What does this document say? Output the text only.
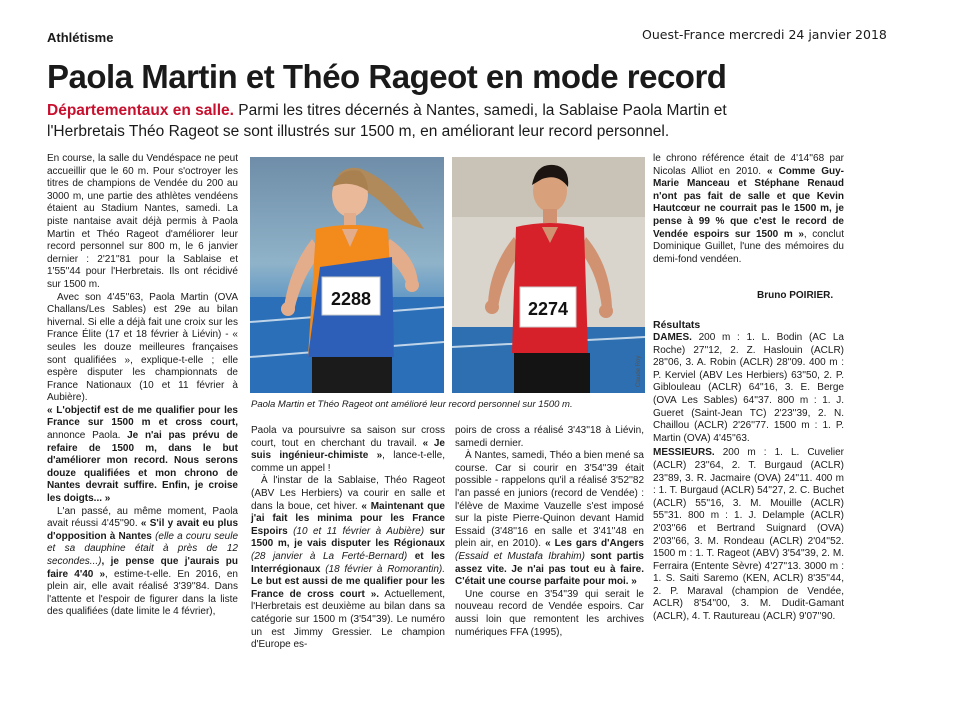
Athlétisme	Ouest-France mercredi 24 janvier 2018
Paola Martin et Théo Rageot en mode record
Départementaux en salle. Parmi les titres décernés à Nantes, samedi, la Sablaise Paola Martin et l'Herbretais Théo Rageot se sont illustrés sur 1500 m, en améliorant leur record personnel.

En course, la salle du Vendéspace ne peut accueillir que le 60 m. Pour s'octroyer les titres de champions de Vendée du 200 au 3000 m, une partie des athlètes vendéens étaient au Stadium Nantes, samedi. La piste nantaise avait déjà permis à Paola Martin et Théo Rageot d'améliorer leur record personnel sur 800 m, le 6 janvier dernier : 2'21''81 pour la Sablaise et 1'55''44 pour l'Herbretais. Ils ont récidivé sur 1500 m.

Avec son 4'45''63, Paola Martin (OVA Challans/Les Sables) est 29e au bilan hivernal. Si elle a déjà fait une croix sur les France Élite (17 et 18 février à Liévin) - « seules les douze meilleures françaises sont qualifiées », explique-t-elle ; elle espère disputer les championnats de France Nationaux (10 et 11 février à Aubière).

« L'objectif est de me qualifier pour les France sur 1500 m et cross court, annonce Paola. Je n'ai pas prévu de refaire de 1500 m, dans le but d'améliorer mon record. Nous serons douze qualifiées et mon chrono de Nantes devrait suffire. Enfin, je croise les doigts... »

L'an passé, au même moment, Paola avait réussi 4'45''90. « S'il y avait eu plus d'opposition à Nantes (elle a couru seule et sa dauphine était à près de 12 secondes...), je pense que j'aurais pu faire 4'40 », estime-t-elle. En 2016, en plein air, elle avait réalisé 3'39''84. Dans l'attente et l'espoir de figurer dans la liste des qualifiées (date limite le 4 février),

2288	2274
Claude Roy
Paola Martin et Théo Rageot ont amélioré leur record personnel sur 1500 m.

Paola va poursuivre sa saison sur cross court, tout en cherchant du travail. « Je suis ingénieur-chimiste », lance-t-elle, comme un appel !

À l'instar de la Sablaise, Théo Rageot (ABV Les Herbiers) va courir en salle et dans la boue, cet hiver. « Maintenant que j'ai fait les minima pour les France Espoirs (10 et 11 février à Aubière) sur 1500 m, je vais disputer les Régionaux (28 janvier à La Ferté-Bernard) et les Interrégionaux (18 février à Romorantin). Le but est aussi de me qualifier pour les France de cross court ». Actuellement, l'Herbretais est deuxième au bilan dans sa catégorie sur 1500 m (3'54''39). Le numéro un est Jimmy Gressier. Le champion d'Europe es-

poirs de cross a réalisé 3'43''18 à Liévin, samedi dernier.

À Nantes, samedi, Théo a bien mené sa course. Car si courir en 3'54''39 était possible - rappelons qu'il a réalisé 3'52''82 l'an passé en juniors (record de Vendée) : l'élève de Maxime Vauzelle s'est imposé sur la piste Pierre-Quinon devant Hamid Essaid (3'48''16 en salle et 3'41''48 en plein air, en 2010). « Les gars d'Angers (Essaid et Mustafa Ibrahim) sont partis assez vite. Je n'ai pas tout eu à faire. C'était une course parfaite pour moi. »

Une course en 3'54''39 qui serait le nouveau record de Vendée espoirs. Car aussi loin que remontent les archives numériques FFA (1995),

le chrono référence était de 4'14''68 par Nicolas Alliot en 2010. « Comme Guy-Marie Manceau et Stéphane Renaud n'ont pas fait de salle et que Kevin Hautcœur ne courrait pas le 1500 m, je pense à 99 % que c'est le record de Vendée espoirs sur 1500 m », conclut Dominique Guillet, l'une des mémoires du demi-fond vendéen.

Bruno POIRIER.
Résultats

DAMES. 200 m : 1. L. Bodin (AC La Roche) 27''12, 2. Z. Haslouin (ACLR) 28''06, 3. A. Robin (ACLR) 28''09. 400 m : P. Kerviel (ABV Les Herbiers) 63''50, 2. P. Giblouleau (ACLR) 64''16, 3. E. Berge (OVA Les Sables) 64''37. 800 m : 1. J. Gueret (Saint-Jean TC) 2'23''39, 2. N. Chaillou (ACLR) 2'26''77. 1500 m : 1. P. Martin (OVA) 4'45''63.

MESSIEURS. 200 m : 1. L. Cuvelier (ACLR) 23''64, 2. T. Burgaud (ACLR) 23''89, 3. R. Jacmaire (OVA) 24''11. 400 m : 1. T. Burgaud (ACLR) 54''27, 2. C. Buchet (ACLR) 55''16, 3. M. Mouille (ACLR) 55''31. 800 m : 1. J. Delample (ACLR) 2'03''66 et Bertrand Suignard (OVA) 2'03''66, 3. M. Rondeau (ACLR) 2'04''52. 1500 m : 1. T. Rageot (ABV) 3'54''39, 2. M. Ferraira (Entente Sèvre) 4'27''13. 3000 m : 1. S. Saiti Saremo (KEN, ACLR) 8'35''44, 2. P. Maraval (champion de Vendée, ACLR) 8'54''00, 3. M. Dudit-Gamant (ACLR), 4. T. Rautureau (ACLR) 9'07''90.
